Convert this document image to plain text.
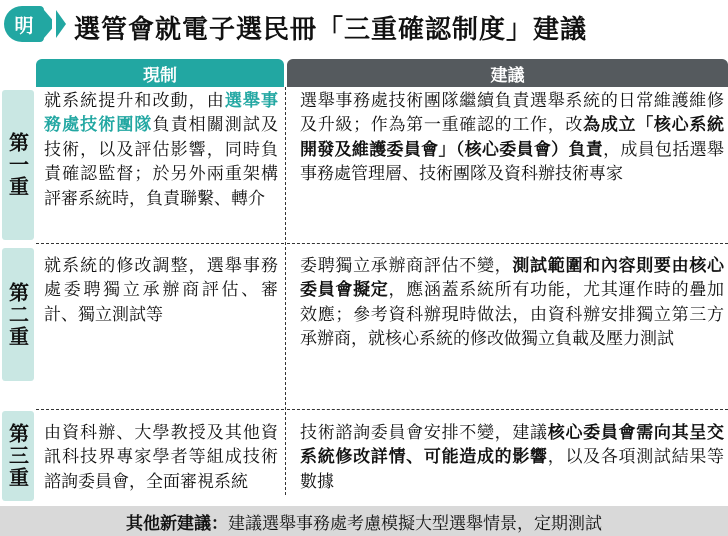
明 選管會就電子選民冊「三重確認制度」建議
現制	建議
第一重
就系統提升和改動，由選舉事務處技術團隊負責相關測試及技術，以及評估影響，同時負責確認監督；於另外兩重架構評審系統時，負責聯繫、轉介
選舉事務處技術團隊繼續負責選舉系統的日常維護維修及升級；作為第一重確認的工作，改為成立「核心系統開發及維護委員會」（核心委員會）負責，成員包括選舉事務處管理層、技術團隊及資科辦技術專家
第二重
就系統的修改調整，選舉事務處委聘獨立承辦商評估、審計、獨立測試等
委聘獨立承辦商評估不變，測試範圍和內容則要由核心委員會擬定，應涵蓋系統所有功能，尤其運作時的疊加效應；參考資科辦現時做法，由資科辦安排獨立第三方承辦商，就核心系統的修改做獨立負載及壓力測試
第三重 由資科辦、大學教授及其他資訊科技界專家學者等組成技術諮詢委員會，全面審視系統
技術諮詢委員會安排不變，建議核心委員會需向其呈交系統修改詳情、可能造成的影響，以及各項測試結果等數據
其他新建議： 建議選舉事務處考慮模擬大型選舉情景，定期測試
